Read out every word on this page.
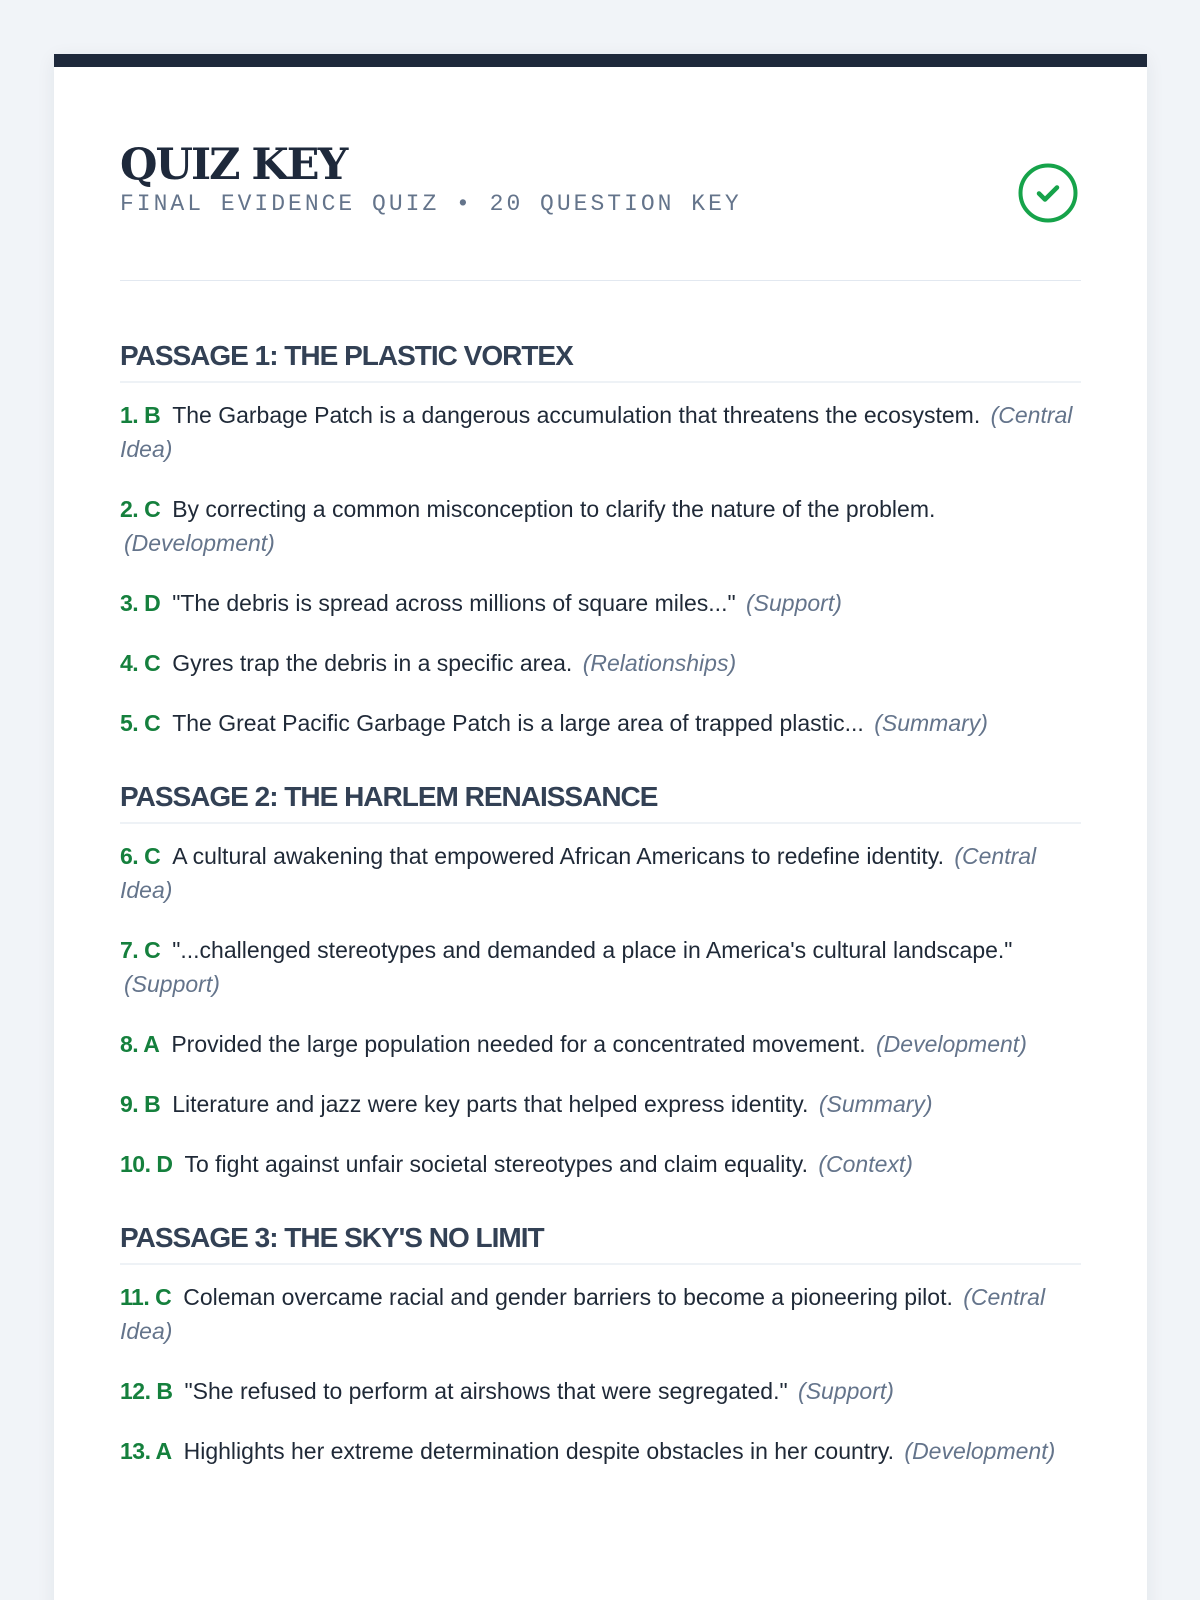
QUIZ KEY
FINAL EVIDENCE QUIZ • 20 QUESTION KEY
PASSAGE 1: THE PLASTIC VORTEX
1. B The Garbage Patch is a dangerous accumulation that threatens the ecosystem. (Central Idea)
2. C By correcting a common misconception to clarify the nature of the problem. (Development)
3. D "The debris is spread across millions of square miles..." (Support)
4. C Gyres trap the debris in a specific area. (Relationships)
5. C The Great Pacific Garbage Patch is a large area of trapped plastic... (Summary)
PASSAGE 2: THE HARLEM RENAISSANCE
6. C A cultural awakening that empowered African Americans to redefine identity. (Central Idea)
7. C "...challenged stereotypes and demanded a place in America's cultural landscape." (Support)
8. A Provided the large population needed for a concentrated movement. (Development)
9. B Literature and jazz were key parts that helped express identity. (Summary)
10. D To fight against unfair societal stereotypes and claim equality. (Context)
PASSAGE 3: THE SKY'S NO LIMIT
11. C Coleman overcame racial and gender barriers to become a pioneering pilot. (Central Idea)
12. B "She refused to perform at airshows that were segregated." (Support)
13. A Highlights her extreme determination despite obstacles in her country. (Development)
